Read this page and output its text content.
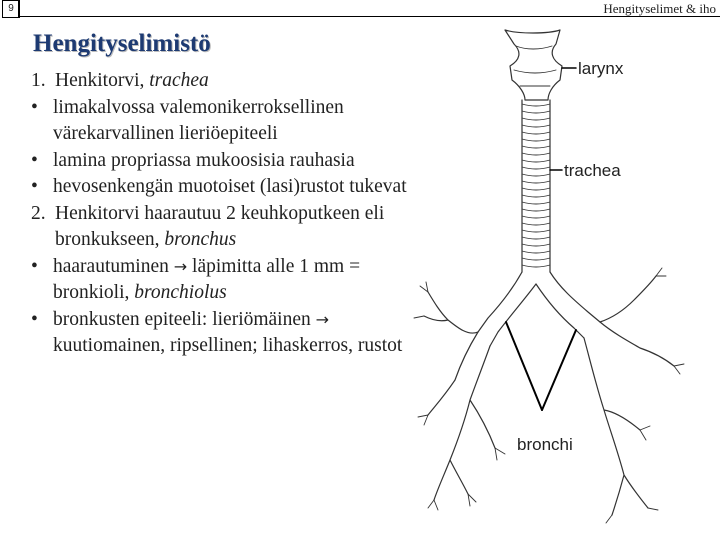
9	Hengityselimet & iho
Hengityselimistö
1. Henkitorvi, trachea
• limakalvossa valemonikerroksellinen värekarvallinen lieriöepiteeli
• lamina propriassa mukoosisia rauhasia
• hevosenkengän muotoiset (lasi)rustot tukevat
2. Henkitorvi haarautuu 2 keuhkoputkeen eli bronkukseen, bronchus
• haarautuminen → läpimitta alle 1 mm = bronkioli, bronchiolus
• bronkusten epiteeli: lieriömäinen → kuutiomainen, ripsellinen; lihaskerros, rustot
larynx
trachea
bronchi
